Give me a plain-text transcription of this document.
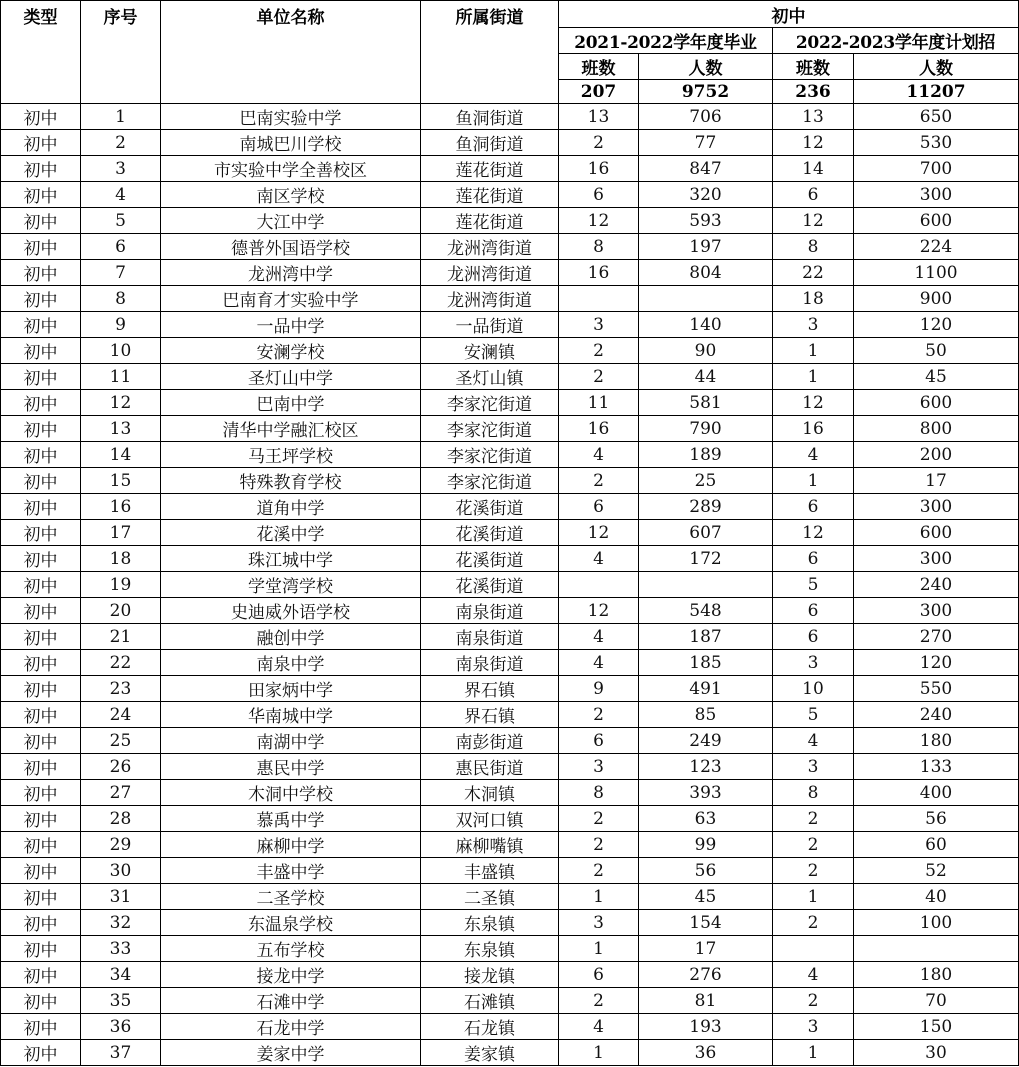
类型	序号	单位名称	所属街道	初中			
				2021-2022学年度毕业		2022-2023学年度计划招	
				班数	人数	班数	人数
				207	9752	236	11207
初中	1	巴南实验中学	鱼洞街道	13	706	13	650
初中	2	南城巴川学校	鱼洞街道	2	77	12	530
初中	3	市实验中学全善校区	莲花街道	16	847	14	700
初中	4	南区学校	莲花街道	6	320	6	300
初中	5	大江中学	莲花街道	12	593	12	600
初中	6	德普外国语学校	龙洲湾街道	8	197	8	224
初中	7	龙洲湾中学	龙洲湾街道	16	804	22	1100
初中	8	巴南育才实验中学	龙洲湾街道			18	900
初中	9	一品中学	一品街道	3	140	3	120
初中	10	安澜学校	安澜镇	2	90	1	50
初中	11	圣灯山中学	圣灯山镇	2	44	1	45
初中	12	巴南中学	李家沱街道	11	581	12	600
初中	13	清华中学融汇校区	李家沱街道	16	790	16	800
初中	14	马王坪学校	李家沱街道	4	189	4	200
初中	15	特殊教育学校	李家沱街道	2	25	1	17
初中	16	道角中学	花溪街道	6	289	6	300
初中	17	花溪中学	花溪街道	12	607	12	600
初中	18	珠江城中学	花溪街道	4	172	6	300
初中	19	学堂湾学校	花溪街道			5	240
初中	20	史迪威外语学校	南泉街道	12	548	6	300
初中	21	融创中学	南泉街道	4	187	6	270
初中	22	南泉中学	南泉街道	4	185	3	120
初中	23	田家炳中学	界石镇	9	491	10	550
初中	24	华南城中学	界石镇	2	85	5	240
初中	25	南湖中学	南彭街道	6	249	4	180
初中	26	惠民中学	惠民街道	3	123	3	133
初中	27	木洞中学校	木洞镇	8	393	8	400
初中	28	慕禹中学	双河口镇	2	63	2	56
初中	29	麻柳中学	麻柳嘴镇	2	99	2	60
初中	30	丰盛中学	丰盛镇	2	56	2	52
初中	31	二圣学校	二圣镇	1	45	1	40
初中	32	东温泉学校	东泉镇	3	154	2	100
初中	33	五布学校	东泉镇	1	17		
初中	34	接龙中学	接龙镇	6	276	4	180
初中	35	石滩中学	石滩镇	2	81	2	70
初中	36	石龙中学	石龙镇	4	193	3	150
初中	37	姜家中学	姜家镇	1	36	1	30
